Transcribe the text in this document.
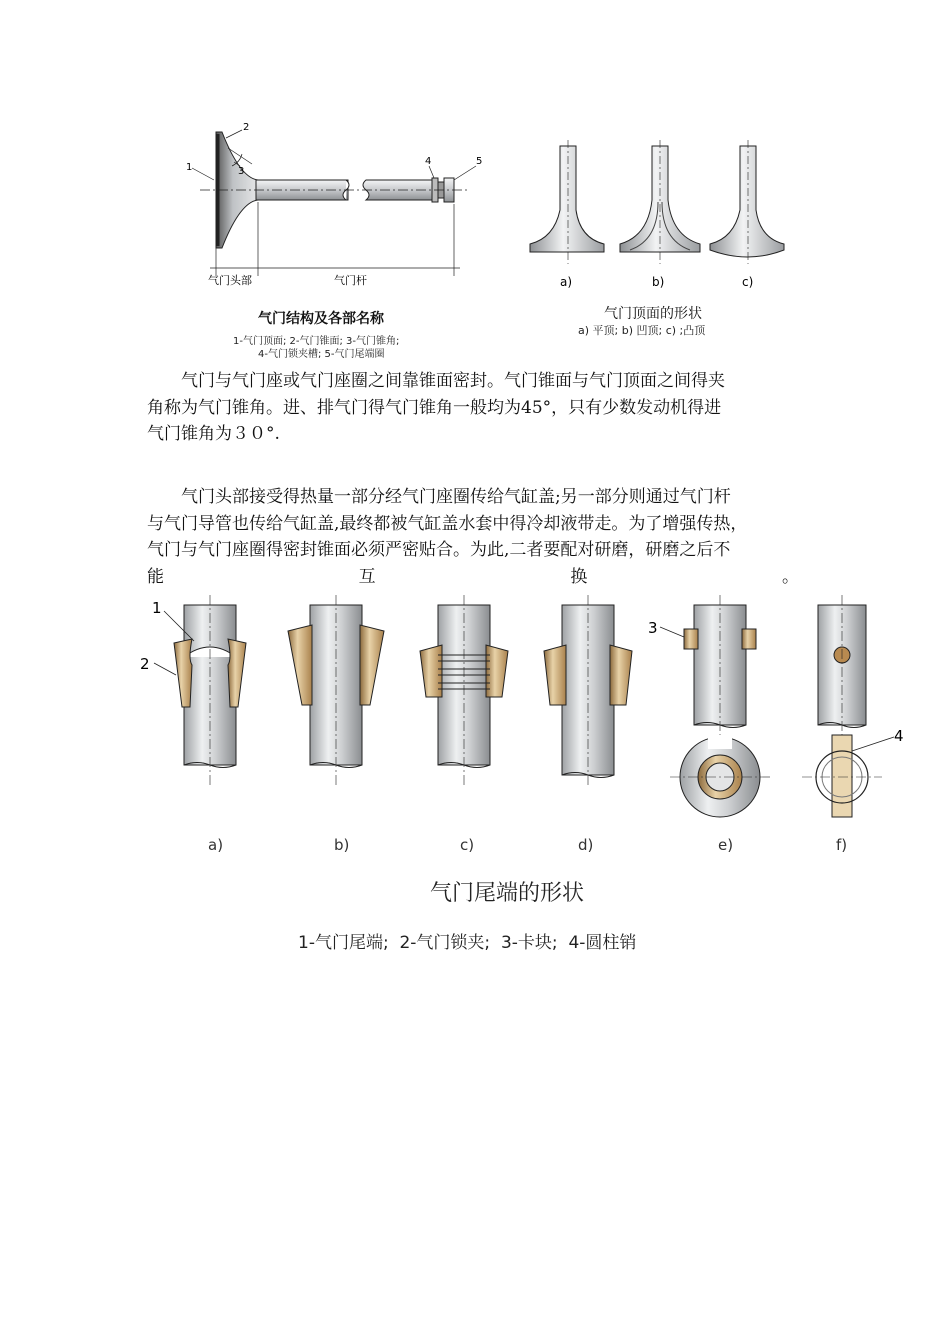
1
2
3
4	5
气门头部	气门杆
气门结构及各部名称
1-气门顶面; 2-气门锥面; 3-气门锥角;
4-气门锁夹槽; 5-气门尾端圈
a)	b)	c)
气门顶面的形状
a) 平顶; b) 凹顶; c) ;凸顶

气门与气门座或气门座圈之间靠锥面密封。气门锥面与气门顶面之间得夹

角称为气门锥角。进、排气门得气门锥角一般均为45°，只有少数发动机得进

气门锥角为３０°.

气门头部接受得热量一部分经气门座圈传给气缸盖;另一部分则通过气门杆

与气门导管也传给气缸盖,最终都被气缸盖水套中得冷却液带走。为了增强传热，

气门与气门座圈得密封锥面必须严密贴合。为此,二者要配对研磨，研磨之后不

能	互	换	。

1
2
3
4
a)	b)	c)	d)	e)	f)
气门尾端的形状
1-气门尾端;  2-气门锁夹;  3-卡块;  4-圆柱销
